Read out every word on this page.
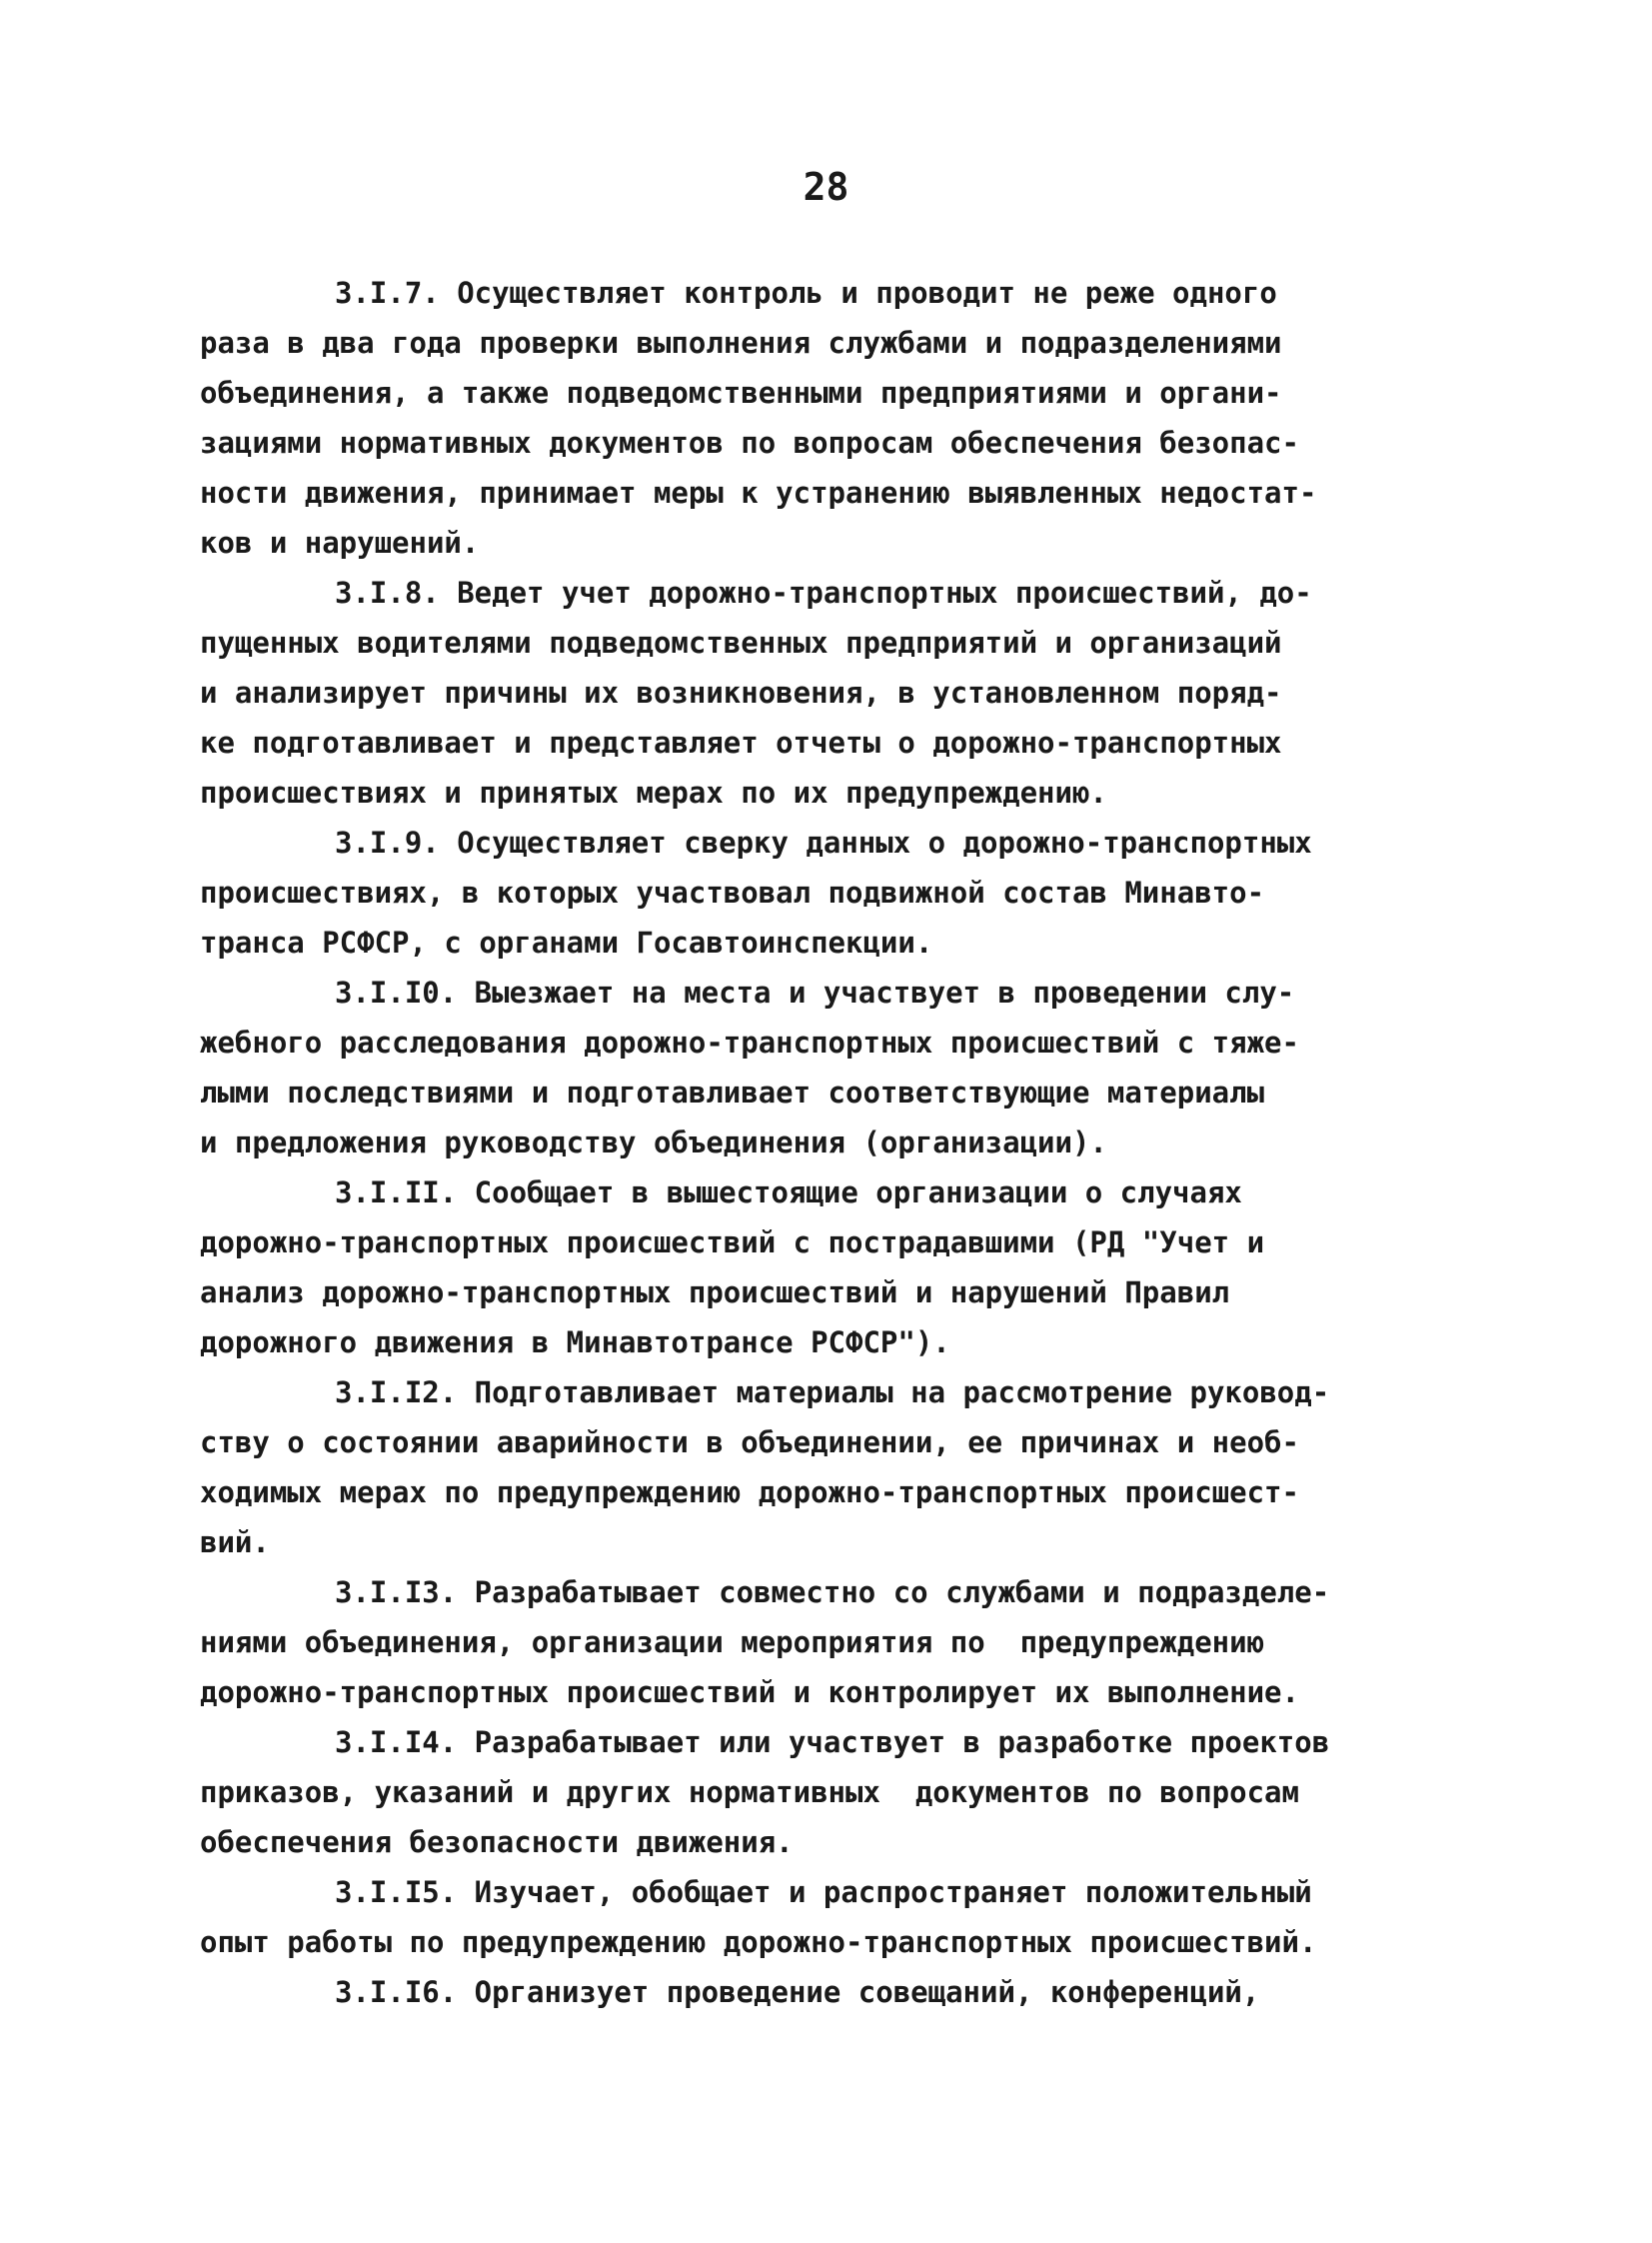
28
3.I.7. Осуществляет контроль и проводит не реже одного
раза в два года проверки выполнения службами и подразделениями
объединения, а также подведомственными предприятиями и органи-
зациями нормативных документов по вопросам обеспечения безопас-
ности движения, принимает меры к устранению выявленных недостат-
ков и нарушений.
3.I.8. Ведет учет дорожно-транспортных происшествий, до-
пущенных водителями подведомственных предприятий и организаций
и анализирует причины их возникновения, в установленном поряд-
ке подготавливает и представляет отчеты о дорожно-транспортных
происшествиях и принятых мерах по их предупреждению.
3.I.9. Осуществляет сверку данных о дорожно-транспортных
происшествиях, в которых участвовал подвижной состав Минавто-
транса РСФСР, с органами Госавтоинспекции.
3.I.I0. Выезжает на места и участвует в проведении слу-
жебного расследования дорожно-транспортных происшествий с тяже-
лыми последствиями и подготавливает соответствующие материалы
и предложения руководству объединения (организации).
3.I.II. Сообщает в вышестоящие организации о случаях
дорожно-транспортных происшествий с пострадавшими (РД "Учет и
анализ дорожно-транспортных происшествий и нарушений Правил
дорожного движения в Минавтотрансе РСФСР").
3.I.I2. Подготавливает материалы на рассмотрение руковод-
ству о состоянии аварийности в объединении, ее причинах и необ-
ходимых мерах по предупреждению дорожно-транспортных происшест-
вий.
3.I.I3. Разрабатывает совместно со службами и подразделе-
ниями объединения, организации мероприятия по  предупреждению
дорожно-транспортных происшествий и контролирует их выполнение.
3.I.I4. Разрабатывает или участвует в разработке проектов
приказов, указаний и других нормативных  документов по вопросам
обеспечения безопасности движения.
3.I.I5. Изучает, обобщает и распространяет положительный
опыт работы по предупреждению дорожно-транспортных происшествий.
3.I.I6. Организует проведение совещаний, конференций,
